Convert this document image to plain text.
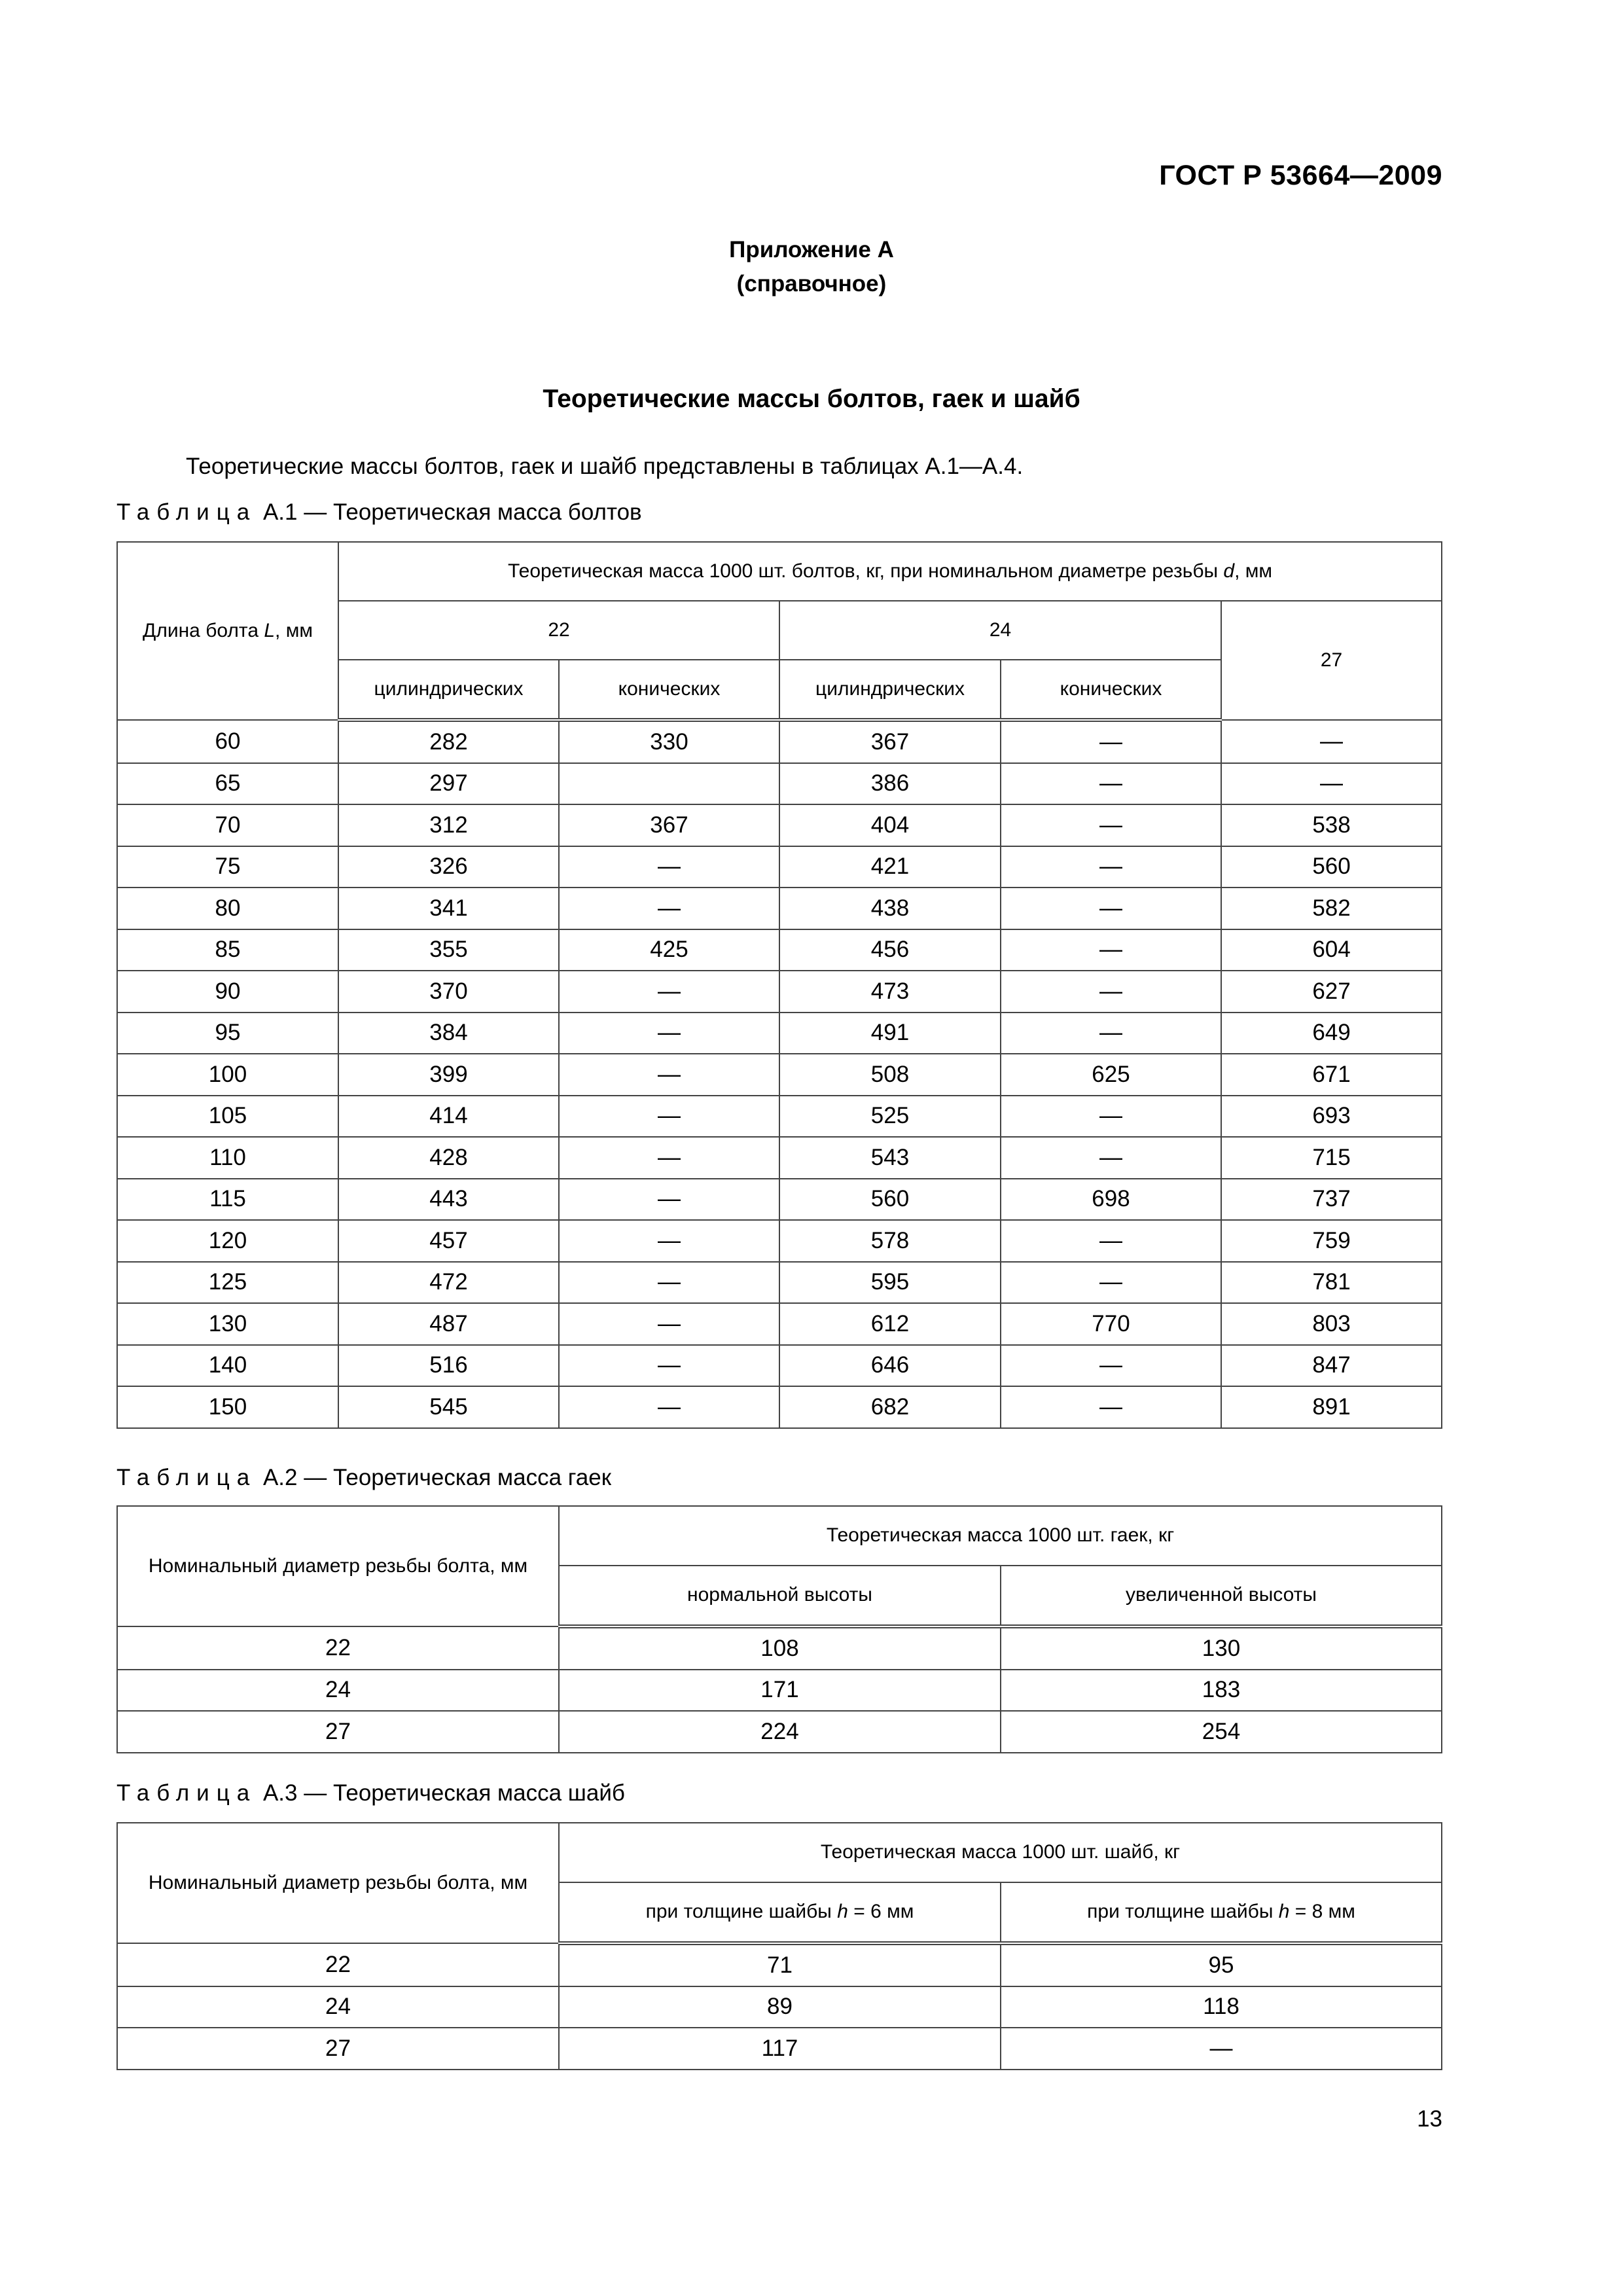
ГОСТ Р 53664—2009
Приложение А
(справочное)
Теоретические массы болтов, гаек и шайб
Теоретические массы болтов, гаек и шайб представлены в таблицах А.1—А.4.
Таблица А.1 — Теоретическая масса болтов
Длина болта L, мм	Теоретическая масса 1000 шт. болтов, кг, при номинальном диаметре резьбы d, мм				
	22		24		27
	цилиндрических	конических	цилиндрических	конических	
60	282	330	367	—	—
65	297		386	—	—
70	312	367	404	—	538
75	326	—	421	—	560
80	341	—	438	—	582
85	355	425	456	—	604
90	370	—	473	—	627
95	384	—	491	—	649
100	399	—	508	625	671
105	414	—	525	—	693
110	428	—	543	—	715
115	443	—	560	698	737
120	457	—	578	—	759
125	472	—	595	—	781
130	487	—	612	770	803
140	516	—	646	—	847
150	545	—	682	—	891
Таблица А.2 — Теоретическая масса гаек
Номинальный диаметр резьбы болта, мм	Теоретическая масса 1000 шт. гаек, кг	
	нормальной высоты	увеличенной высоты
22	108	130
24	171	183
27	224	254
Таблица А.3 — Теоретическая масса шайб
Номинальный диаметр резьбы болта, мм	Теоретическая масса 1000 шт. шайб, кг	
	при толщине шайбы h = 6 мм	при толщине шайбы h = 8 мм
22	71	95
24	89	118
27	117	—
13
